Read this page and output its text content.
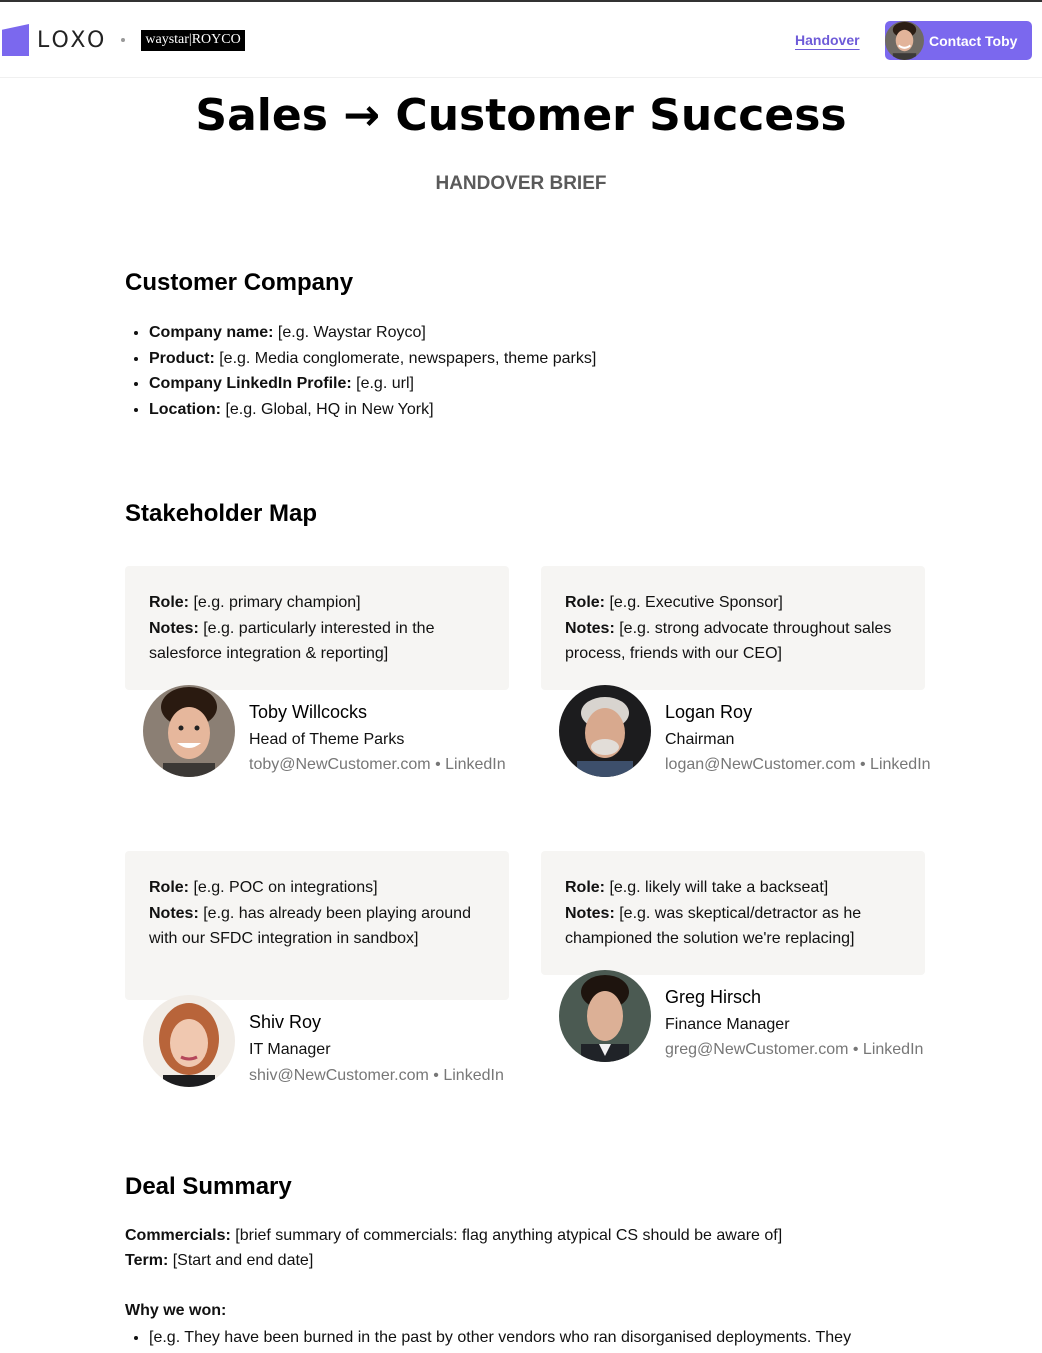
LOXO	waystar|ROYCO	Handover	Contact Toby
Sales → Customer Success
HANDOVER BRIEF
Customer Company
• Company name: [e.g. Waystar Royco]
• Product: [e.g. Media conglomerate, newspapers, theme parks]
• Company LinkedIn Profile: [e.g. url]
• Location: [e.g. Global, HQ in New York]
Stakeholder Map
Role: [e.g. primary champion]
Notes: [e.g. particularly interested in the salesforce integration & reporting]
Toby Willcocks
Head of Theme Parks
toby@NewCustomer.com • LinkedIn
Role: [e.g. Executive Sponsor]
Notes: [e.g. strong advocate throughout sales process, friends with our CEO]
Logan Roy
Chairman
logan@NewCustomer.com • LinkedIn
Role: [e.g. POC on integrations]
Notes: [e.g. has already been playing around with our SFDC integration in sandbox]
Shiv Roy
IT Manager
shiv@NewCustomer.com • LinkedIn
Role: [e.g. likely will take a backseat]
Notes: [e.g. was skeptical/detractor as he championed the solution we're replacing]
Greg Hirsch
Finance Manager
greg@NewCustomer.com • LinkedIn
Deal Summary
Commercials: [brief summary of commercials: flag anything atypical CS should be aware of]
Term: [Start and end date]
Why we won:
• [e.g. They have been burned in the past by other vendors who ran disorganised deployments. They
